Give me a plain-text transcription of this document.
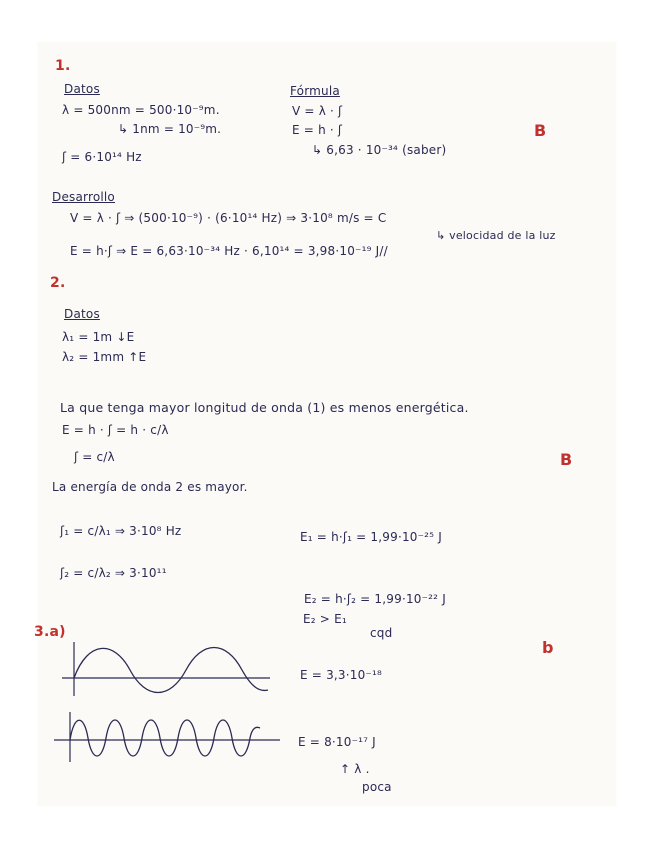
1.
Datos	Fórmula
λ = 500nm = 500·10⁻⁹m.	V = λ · ʃ
↳ 1nm = 10⁻⁹m.	E = h · ʃ	B
↳ 6,63 · 10⁻³⁴ (saber)
ʃ = 6·10¹⁴ Hz
Desarrollo
V = λ · ʃ ⇒ (500·10⁻⁹) · (6·10¹⁴ Hz) ⇒ 3·10⁸ m/s = C
↳ velocidad de la luz
E = h·ʃ ⇒ E = 6,63·10⁻³⁴ Hz · 6,10¹⁴ = 3,98·10⁻¹⁹ J//
2.
Datos
λ₁ = 1m ↓E
λ₂ = 1mm ↑E
La que tenga mayor longitud de onda (1) es menos energética.
E = h · ʃ = h · c/λ
ʃ = c/λ	B
La energía de onda 2 es mayor.
ʃ₁ = c/λ₁ ⇒ 3·10⁸ Hz	E₁ = h·ʃ₁ = 1,99·10⁻²⁵ J
ʃ₂ = c/λ₂ ⇒ 3·10¹¹
E₂ = h·ʃ₂ = 1,99·10⁻²² J
E₂ > E₁
cqd
3.a)
b
E = 3,3·10⁻¹⁸
E = 8·10⁻¹⁷ J
↑ λ .
poca
